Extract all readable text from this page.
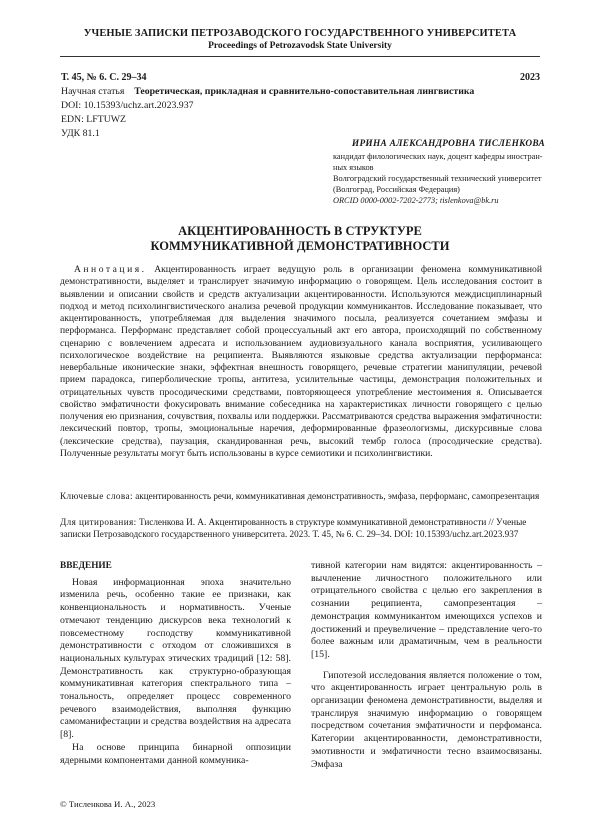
УЧЕНЫЕ ЗАПИСКИ ПЕТРОЗАВОДСКОГО ГОСУДАРСТВЕННОГО УНИВЕРСИТЕТА
Proceedings of Petrozavodsk State University
Т. 45, № 6. С. 29–34	2023
Научная статья Теоретическая, прикладная и сравнительно-сопоставительная лингвистика
DOI: 10.15393/uchz.art.2023.937
EDN: LFTUWZ
УДК 81.1
ИРИНА АЛЕКСАНДРОВНА ТИСЛЕНКОВА

кандидат филологических наук, доцент кафедры иностран-

ных языков

Волгоградский государственный технический университет

(Волгоград, Российская Федерация)

ORCID 0000-0002-7202-2773; tislenkova@bk.ru

АКЦЕНТИРОВАННОСТЬ В СТРУКТУРЕ
КОММУНИКАТИВНОЙ ДЕМОНСТРАТИВНОСТИ

Аннотация. Акцентированность играет ведущую роль в организации феномена коммуникативной демонстративности, выделяет и транслирует значимую информацию о говорящем. Цель исследования состоит в выявлении и описании свойств и средств актуализации акцентированности. Используются междисциплинарный подход и метод психолингвистического анализа речевой продукции коммуникантов. Исследование показывает, что акцентированность, употребляемая для выделения значимого посыла, реализуется сочетанием эмфазы и перформанса. Перформанс представляет собой процессуальный акт его автора, происходящий по собственному сценарию с вовлечением адресата и использованием аудиовизуального канала восприятия, усиливающего психологическое воздействие на реципиента. Выявляются языковые средства актуализации перформанса: невербальные иконические знаки, эффектная внешность говорящего, речевые стратегии манипуляции, речевой прием парадокса, гиперболические тропы, антитеза, усилительные частицы, демонстрация положительных и отрицательных чувств просодическими средствами, повторяющееся употребление местоимения я. Описывается свойство эмфатичности фокусировать внимание собеседника на характеристиках личности говорящего с целью получения ею признания, сочувствия, похвалы или поддержки. Рассматриваются средства выражения эмфатичности: лексический повтор, тропы, эмоциональные наречия, деформированные фразеологизмы, дискурсивные слова (лексические средства), паузация, скандированная речь, высокий тембр голоса (просодические средства). Полученные результаты могут быть использованы в курсе семиотики и психолингвистики.

Ключевые слова: акцентированность речи, коммуникативная демонстративность, эмфаза, перформанс, самопрезентация

Для цитирования: Тисленкова И. А. Акцентированность в структуре коммуникативной демонстративности // Ученые записки Петрозаводского государственного университета. 2023. Т. 45, № 6. С. 29–34. DOI: 10.15393/uchz.art.2023.937

ВВЕДЕНИЕ

Новая информационная эпоха значительно изменила речь, особенно такие ее признаки, как конвенциональность и нормативность. Ученые отмечают тенденцию дискурсов века технологий к повсеместному господству коммуникативной демонстративности с отходом от сложившихся в национальных культурах этических традиций [12: 58]. Демонстративность как структурно-образующая коммуникативная категория спектрального типа – тональность, определяет процесс современного речевого взаимодействия, выполняя функцию самоманифестации и средства воздействия на адресата [8].

На основе принципа бинарной оппозиции ядерными компонентами данной коммуника-

тивной категории нам видятся: акцентированность – вычленение личностного положительного или отрицательного свойства с целью его закрепления в сознании реципиента, самопрезентация – демонстрация коммуникантом имеющихся успехов и достижений и преувеличение – представление чего-то более важным или драматичным, чем в реальности [15].

Гипотезой исследования является положение о том, что акцентированность играет центральную роль в организации феномена демонстративности, выделяя и транслируя значимую информацию о говорящем посредством сочетания эмфатичности и перфоманса. Категории акцентированности, демонстративности, эмотивности и эмфатичности тесно взаимосвязаны. Эмфаза

© Тисленкова И. А., 2023
